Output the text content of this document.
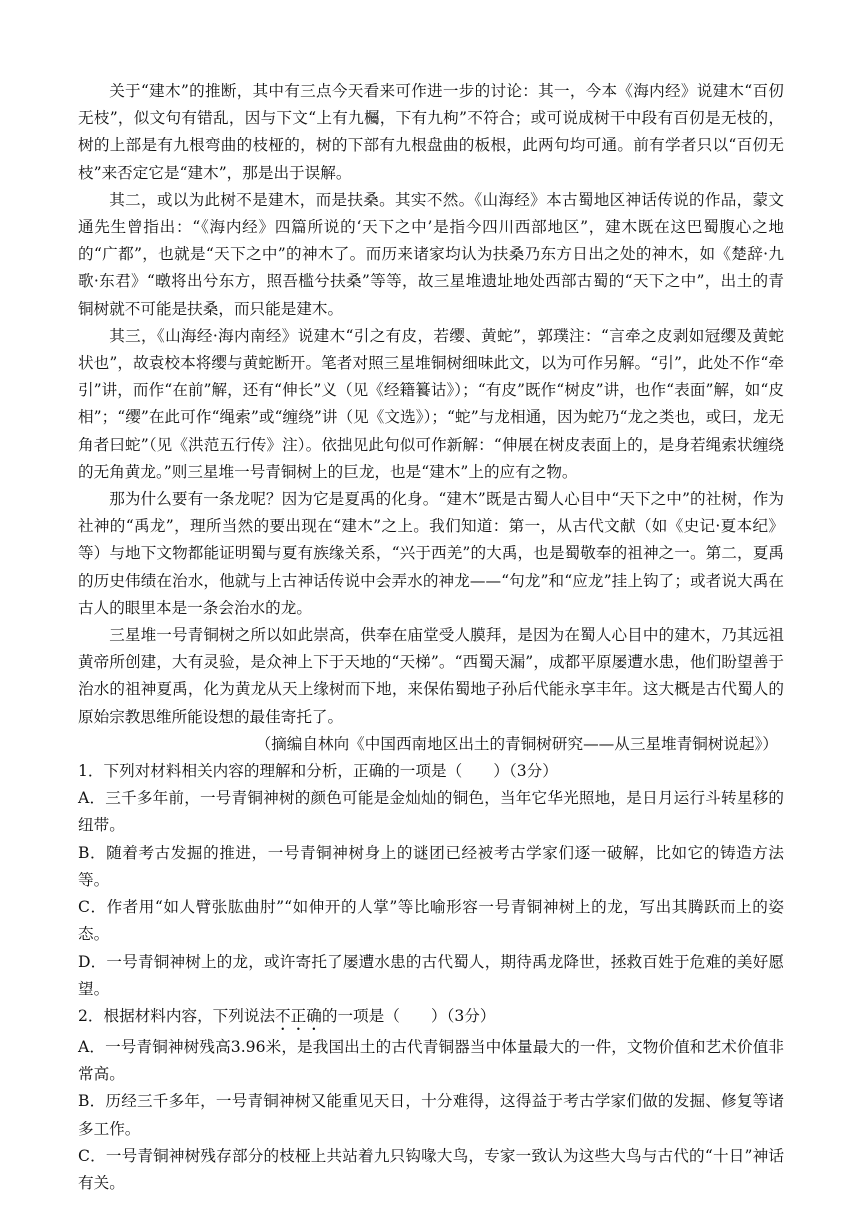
关于“建木”的推断，其中有三点今天看来可作进一步的讨论：其一，今本《海内经》说建木“百仞无枝”，似文句有错乱，因与下文“上有九欘，下有九枸”不符合；或可说成树干中段有百仞是无枝的，树的上部是有九根弯曲的枝桠的，树的下部有九根盘曲的板根，此两句均可通。前有学者只以“百仞无枝”来否定它是“建木”，那是出于误解。

其二，或以为此树不是建木，而是扶桑。其实不然。《山海经》本古蜀地区神话传说的作品，蒙文通先生曾指出：“《海内经》四篇所说的‘天下之中’是指今四川西部地区”，建木既在这巴蜀腹心之地的“广都”，也就是“天下之中”的神木了。而历来诸家均认为扶桑乃东方日出之处的神木，如《楚辞·九歌·东君》“暾将出兮东方，照吾槛兮扶桑”等等，故三星堆遗址地处西部古蜀的“天下之中”，出土的青铜树就不可能是扶桑，而只能是建木。

其三，《山海经·海内南经》说建木“引之有皮，若缨、黄蛇”，郭璞注：“言牵之皮剥如冠缨及黄蛇状也”，故袁校本将缨与黄蛇断开。笔者对照三星堆铜树细味此文，以为可作另解。“引”，此处不作“牵引”讲，而作“在前”解，还有“伸长”义（见《经籍籑诂》）；“有皮”既作“树皮”讲，也作“表面”解，如“皮相”；“缨”在此可作“绳索”或“缠绕”讲（见《文选》）；“蛇”与龙相通，因为蛇乃“龙之类也，或曰，龙无角者曰蛇”（见《洪范五行传》注）。依拙见此句似可作新解：“伸展在树皮表面上的，是身若绳索状缠绕的无角黄龙。”则三星堆一号青铜树上的巨龙，也是“建木”上的应有之物。

那为什么要有一条龙呢？因为它是夏禹的化身。“建木”既是古蜀人心目中“天下之中”的社树，作为社神的“禹龙”，理所当然的要出现在“建木”之上。我们知道：第一，从古代文献（如《史记·夏本纪》等）与地下文物都能证明蜀与夏有族缘关系，“兴于西羌”的大禹，也是蜀敬奉的祖神之一。第二，夏禹的历史伟绩在治水，他就与上古神话传说中会弄水的神龙——“句龙”和“应龙”挂上钩了；或者说大禹在古人的眼里本是一条会治水的龙。

三星堆一号青铜树之所以如此崇高，供奉在庙堂受人膜拜，是因为在蜀人心目中的建木，乃其远祖黄帝所创建，大有灵验，是众神上下于天地的“天梯”。“西蜀天漏”，成都平原屡遭水患，他们盼望善于治水的祖神夏禹，化为黄龙从天上缘树而下地，来保佑蜀地子孙后代能永享丰年。这大概是古代蜀人的原始宗教思维所能设想的最佳寄托了。

（摘编自林向《中国西南地区出土的青铜树研究——从三星堆青铜树说起》）

1．下列对材料相关内容的理解和分析，正确的一项是（　　）（3分）

A．三千多年前，一号青铜神树的颜色可能是金灿灿的铜色，当年它华光照地，是日月运行斗转星移的纽带。

B．随着考古发掘的推进，一号青铜神树身上的谜团已经被考古学家们逐一破解，比如它的铸造方法等。

C．作者用“如人臂张肱曲肘”“如伸开的人掌”等比喻形容一号青铜神树上的龙，写出其腾跃而上的姿态。

D．一号青铜神树上的龙，或许寄托了屡遭水患的古代蜀人，期待禹龙降世，拯救百姓于危难的美好愿望。

2．根据材料内容，下列说法不正确的一项是（　　）（3分）

A．一号青铜神树残高3.96米，是我国出土的古代青铜器当中体量最大的一件，文物价值和艺术价值非常高。

B．历经三千多年，一号青铜神树又能重见天日，十分难得，这得益于考古学家们做的发掘、修复等诸多工作。

C．一号青铜神树残存部分的枝桠上共站着九只钩喙大鸟，专家一致认为这些大鸟与古代的“十日”神话有关。
